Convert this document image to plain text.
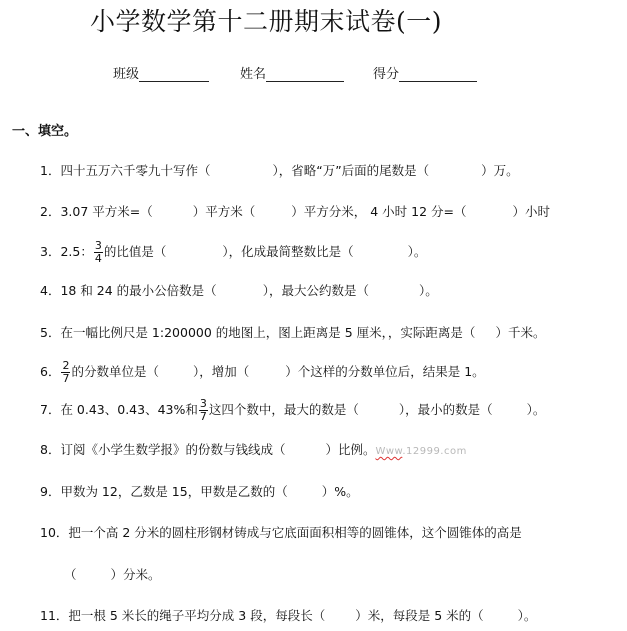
小学数学第十二册期末试卷(一)
班级	姓名	得分
一、填空。
1．四十五万六千零九十写作（	），省略“万”后面的尾数是（	）万。
2．3.07 平方米=（	）平方米（	）平方分米， 4 小时 12 分=（	）小时
3．2.5： $\frac{3}{4}$ 的比值是（	），化成最简整数比是（	）。
4．18 和 24 的最小公倍数是（	），最大公约数是（	）。
5．在一幅比例尺是 1:200000 的地图上，图上距离是 5 厘米，，实际距离是（ ）千米。
6． $\frac{2}{7}$ 的分数单位是（	），增加（	）个这样的分数单位后，结果是 1。
7．在 0.43、0.43、43%和 $\frac{3}{7}$ 这四个数中，最大的数是（	），最小的数是（	）。
8．订阅《小学生数学报》的份数与钱线成（	）比例。Www.12999.com
9．甲数为 12，乙数是 15，甲数是乙数的（	）%。
10．把一个高 2 分米的圆柱形钢材铸成与它底面面积相等的圆锥体，这个圆锥体的高是
（	）分米。
11．把一根 5 米长的绳子平均分成 3 段，每段长（ ）米，每段是 5 米的（	）。
